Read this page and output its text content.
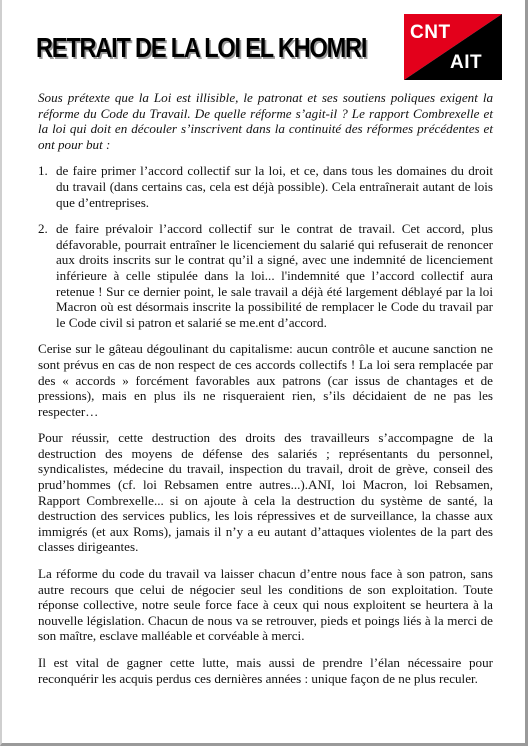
RETRAIT DE LA LOI EL KHOMRI CNT
AIT

Sous prétexte que la Loi est illisible, le patronat et ses soutiens poliques exigent la réforme du Code du Travail. De quelle réforme s’agit-il ? Le rapport Combrexelle et la loi qui doit en découler s’inscrivent dans la continuité des réformes précédentes et ont pour but :

1. de faire primer l’accord collectif sur la loi, et ce, dans tous les domaines du droit du travail (dans certains cas, cela est déjà possible). Cela entraînerait autant de lois que d’entreprises.
2. de faire prévaloir l’accord collectif sur le contrat de travail. Cet accord, plus défavorable, pourrait entraîner le licenciement du salarié qui refuserait de renoncer aux droits inscrits sur le contrat qu’il a signé, avec une indemnité de licenciement inférieure à celle stipulée dans la loi... l'indemnité que l’accord collectif aura retenue ! Sur ce dernier point, le sale travail a déjà été largement déblayé par la loi Macron où est désormais inscrite la possibilité de remplacer le Code du travail par le Code civil si patron et salarié se me.ent d’accord.

Cerise sur le gâteau dégoulinant du capitalisme: aucun contrôle et aucune sanction ne sont prévus en cas de non respect de ces accords collectifs ! La loi sera remplacée par des « accords » forcément favorables aux patrons (car issus de chantages et de pressions), mais en plus ils ne risqueraient rien, s’ils décidaient de ne pas les respecter…

Pour réussir, cette destruction des droits des travailleurs s’accompagne de la destruction des moyens de défense des salariés ; représentants du personnel, syndicalistes, médecine du travail, inspection du travail, droit de grève, conseil des prud’hommes (cf. loi Rebsamen entre autres...).ANI, loi Macron, loi Rebsamen, Rapport Combrexelle... si on ajoute à cela la destruction du système de santé, la destruction des services publics, les lois répressives et de surveillance, la chasse aux immigrés (et aux Roms), jamais il n’y a eu autant d’attaques violentes de la part des classes dirigeantes.

La réforme du code du travail va laisser chacun d’entre nous face à son patron, sans autre recours que celui de négocier seul les conditions de son exploitation. Toute réponse collective, notre seule force face à ceux qui nous exploitent se heurtera à la nouvelle législation. Chacun de nous va se retrouver, pieds et poings liés à la merci de son maître, esclave malléable et corvéable à merci.

Il est vital de gagner cette lutte, mais aussi de prendre l’élan nécessaire pour reconquérir les acquis perdus ces dernières années : unique façon de ne plus reculer.
